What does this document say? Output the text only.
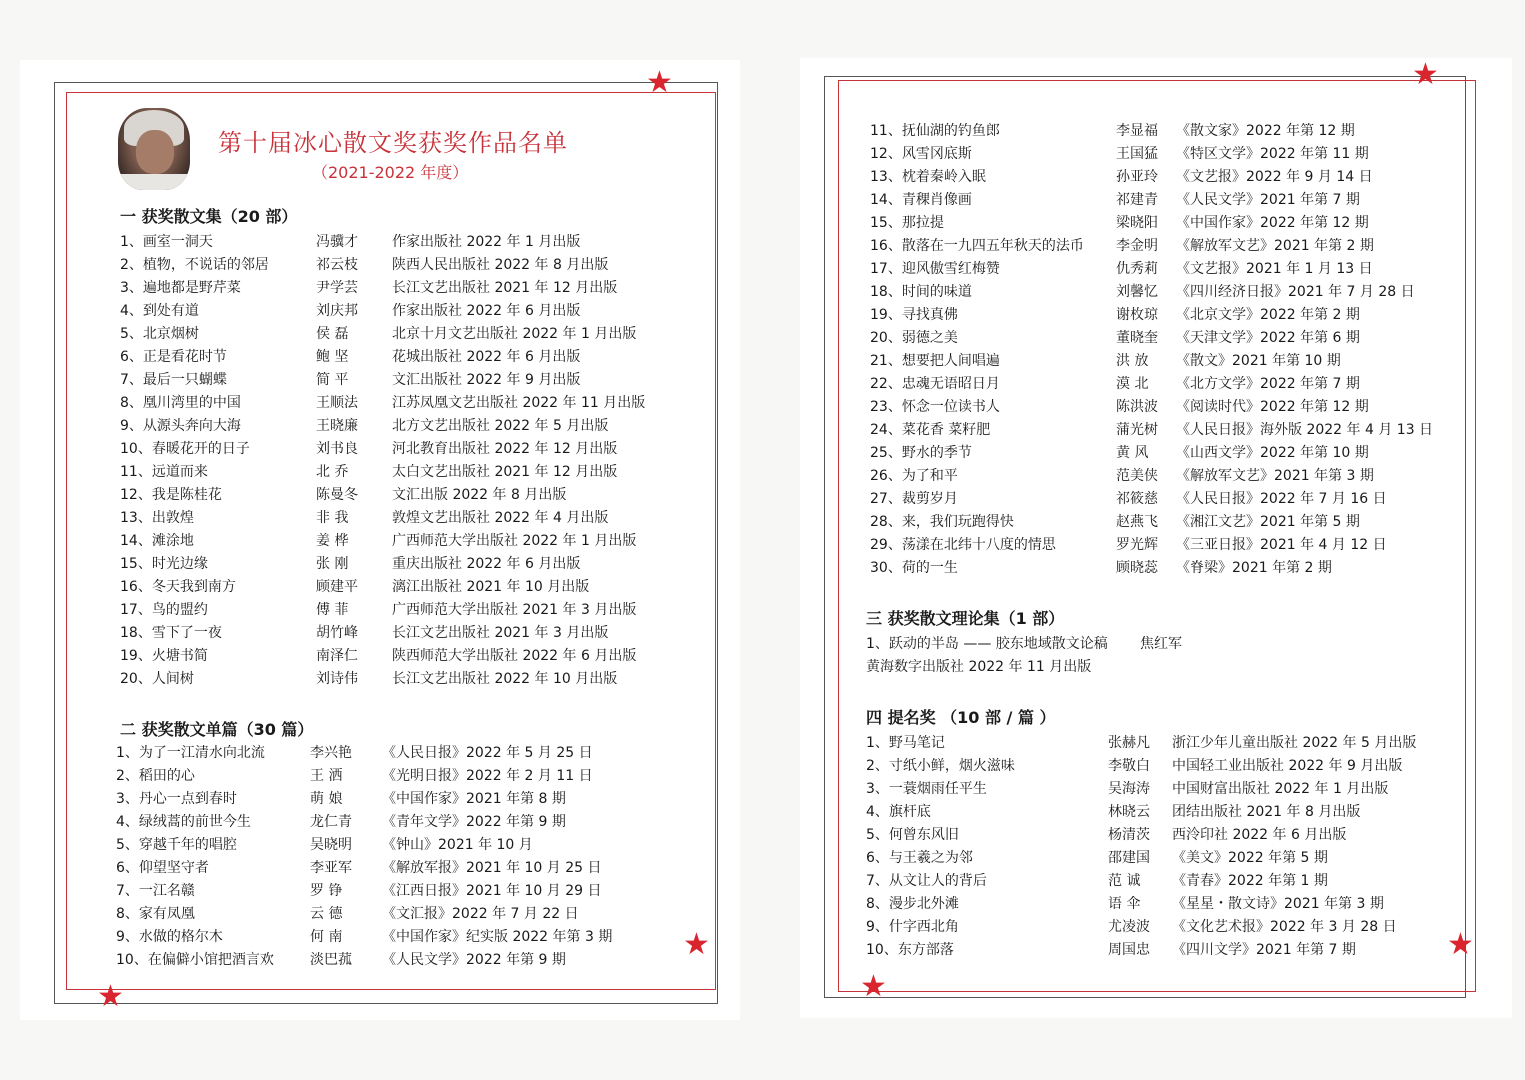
★
★
★
第十届冰心散文奖获奖作品名单
（2021-2022 年度）
一 获奖散文集（20 部）
1、画室一洞天	冯骥才 作家出版社 2022 年 1 月出版
2、植物，不说话的邻居	祁云枝 陕西人民出版社 2022 年 8 月出版
3、遍地都是野芹菜	尹学芸 长江文艺出版社 2021 年 12 月出版
4、到处有道	刘庆邦 作家出版社 2022 年 6 月出版
5、北京烟树	侯 磊	北京十月文艺出版社 2022 年 1 月出版
6、正是看花时节	鲍 坚	花城出版社 2022 年 6 月出版
7、最后一只蝴蝶	简 平	文汇出版社 2022 年 9 月出版
8、凰川湾里的中国	王顺法 江苏凤凰文艺出版社 2022 年 11 月出版
9、从源头奔向大海	王晓廉 北方文艺出版社 2022 年 5 月出版
10、春暖花开的日子	刘书良 河北教育出版社 2022 年 12 月出版
11、远道而来	北 乔	太白文艺出版社 2021 年 12 月出版
12、我是陈桂花	陈曼冬 文汇出版 2022 年 8 月出版
13、出敦煌	非 我	敦煌文艺出版社 2022 年 4 月出版
14、滩涂地	姜 桦	广西师范大学出版社 2022 年 1 月出版
15、时光边缘	张 刚	重庆出版社 2022 年 6 月出版
16、冬天我到南方	顾建平 漓江出版社 2021 年 10 月出版
17、鸟的盟约	傅 菲	广西师范大学出版社 2021 年 3 月出版
18、雪下了一夜	胡竹峰 长江文艺出版社 2021 年 3 月出版
19、火塘书简	南泽仁 陕西师范大学出版社 2022 年 6 月出版
20、人间树	刘诗伟 长江文艺出版社 2022 年 10 月出版
二 获奖散文单篇（30 篇）
1、为了一江清水向北流	李兴艳 《人民日报》2022 年 5 月 25 日
2、稻田的心	王 洒	《光明日报》2022 年 2 月 11 日
3、丹心一点到春时	萌 娘	《中国作家》2021 年第 8 期
4、绿绒蒿的前世今生	龙仁青 《青年文学》2022 年第 9 期
5、穿越千年的唱腔	吴晓明 《钟山》2021 年 10 月
6、仰望坚守者	李亚军 《解放军报》2021 年 10 月 25 日
7、一江名赣	罗 铮	《江西日报》2021 年 10 月 29 日
8、家有凤凰	云 德	《文汇报》2022 年 7 月 22 日
9、水做的格尔木	何 南	《中国作家》纪实版 2022 年第 3 期
10、在偏僻小馆把酒言欢	淡巴菰 《人民文学》2022 年第 9 期
★
★
★
11、抚仙湖的钓鱼郎	李显福 《散文家》2022 年第 12 期
12、风雪冈底斯	王国猛 《特区文学》2022 年第 11 期
13、枕着秦岭入眠	孙亚玲 《文艺报》2022 年 9 月 14 日
14、青稞肖像画	祁建青 《人民文学》2021 年第 7 期
15、那拉提	梁晓阳 《中国作家》2022 年第 12 期
16、散落在一九四五年秋天的法币 李金明 《解放军文艺》2021 年第 2 期
17、迎风傲雪红梅赞	仇秀莉 《文艺报》2021 年 1 月 13 日
18、时间的味道	刘馨忆 《四川经济日报》2021 年 7 月 28 日
19、寻找真佛	谢枚琼 《北京文学》2022 年第 2 期
20、弱德之美	董晓奎 《天津文学》2022 年第 6 期
21、想要把人间唱遍	洪 放 《散文》2021 年第 10 期
22、忠魂无语昭日月	漠 北 《北方文学》2022 年第 7 期
23、怀念一位读书人	陈洪波 《阅读时代》2022 年第 12 期
24、菜花香 菜籽肥	蒲光树 《人民日报》海外版 2022 年 4 月 13 日
25、野水的季节	黄 风 《山西文学》2022 年第 10 期
26、为了和平	范美侠 《解放军文艺》2021 年第 3 期
27、裁剪岁月	祁筱慈 《人民日报》2022 年 7 月 16 日
28、来，我们玩跑得快	赵燕飞 《湘江文艺》2021 年第 5 期
29、荡漾在北纬十八度的情思	罗光辉 《三亚日报》2021 年 4 月 12 日
30、荷的一生	顾晓蕊 《脊梁》2021 年第 2 期
三 获奖散文理论集（1 部）
1、跃动的半岛 —— 胶东地域散文论稿 焦红军
黄海数字出版社 2022 年 11 月出版
四 提名奖 （10 部 / 篇 ）
1、野马笔记	张赫凡 浙江少年儿童出版社 2022 年 5 月出版
2、寸纸小鲜，烟火滋味	李敬白 中国轻工业出版社 2022 年 9 月出版
3、一蓑烟雨任平生	吴海涛 中国财富出版社 2022 年 1 月出版
4、旗杆底	林晓云 团结出版社 2021 年 8 月出版
5、何曾东风旧	杨清茨 西泠印社 2022 年 6 月出版
6、与王羲之为邻	邵建国 《美文》2022 年第 5 期
7、从文让人的背后	范 诚 《青春》2022 年第 1 期
8、漫步北外滩	语 伞 《星星・散文诗》2021 年第 3 期
9、什字西北角	尤凌波 《文化艺术报》2022 年 3 月 28 日
10、东方部落	周国忠 《四川文学》2021 年第 7 期
